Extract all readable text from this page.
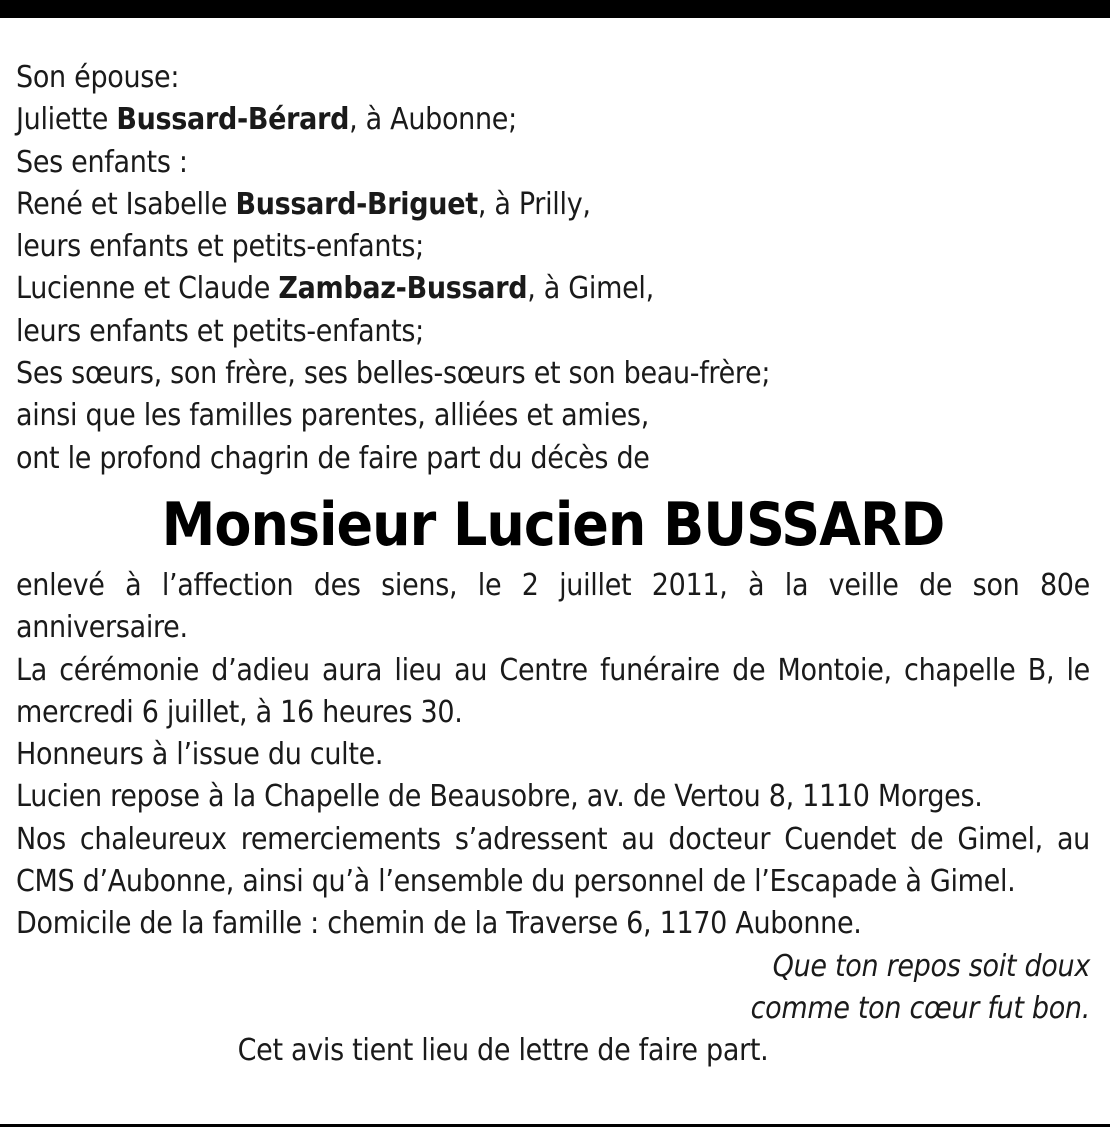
Son épouse:
Juliette Bussard-Bérard, à Aubonne;
Ses enfants :
René et Isabelle Bussard-Briguet, à Prilly,
leurs enfants et petits-enfants;
Lucienne et Claude Zambaz-Bussard, à Gimel,
leurs enfants et petits-enfants;
Ses sœurs, son frère, ses belles-sœurs et son beau-frère;
ainsi que les familles parentes, alliées et amies,
ont le profond chagrin de faire part du décès de
Monsieur Lucien BUSSARD
enlevé à l’affection des siens, le 2 juillet 2011, à la veille de son 80e anniversaire.
La cérémonie d’adieu aura lieu au Centre funéraire de Montoie, chapelle B, le mercredi 6 juillet, à 16 heures 30.
Honneurs à l’issue du culte.
Lucien repose à la Chapelle de Beausobre, av. de Vertou 8, 1110 Morges.
Nos chaleureux remerciements s’adressent au docteur Cuendet de Gimel, au CMS d’Aubonne, ainsi qu’à l’ensemble du personnel de l’Escapade à Gimel.
Domicile de la famille : chemin de la Traverse 6, 1170 Aubonne.
Que ton repos soit doux
comme ton cœur fut bon.
Cet avis tient lieu de lettre de faire part.
